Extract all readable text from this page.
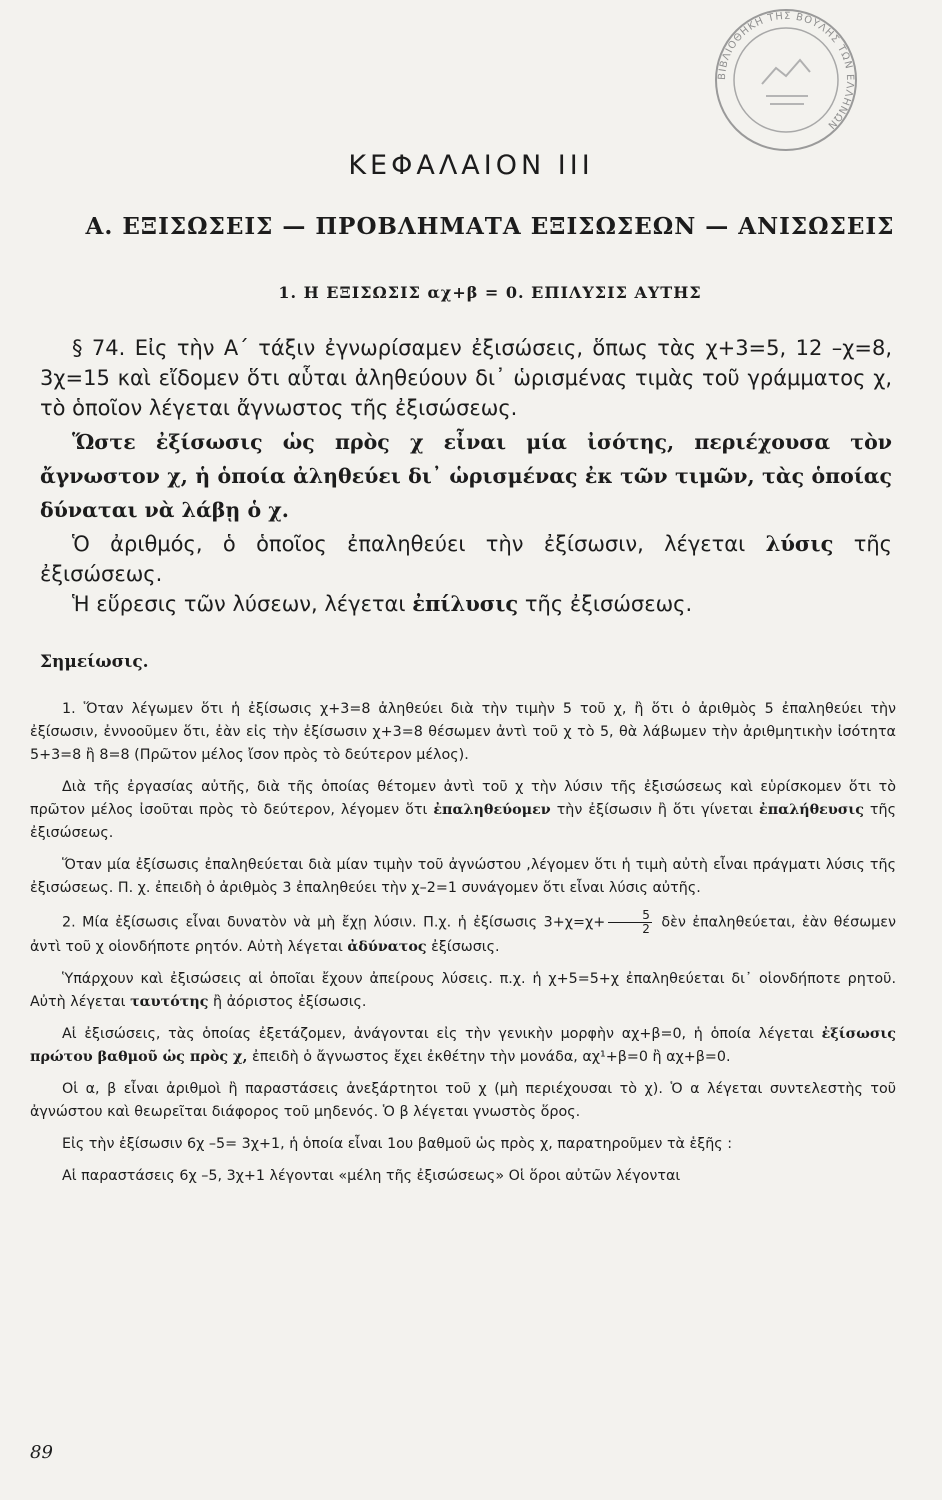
ΒΙΒΛΙΟΘΗΚΗ ΤΗΣ ΒΟΥΛΗΣ ΤΩΝ ΕΛΛΗΝΩΝ
ΚΕΦΑΛΑΙΟΝ III
Α. ΕΞΙΣΩΣΕΙΣ — ΠΡΟΒΛΗΜΑΤΑ ΕΞΙΣΩΣΕΩΝ — ΑΝΙΣΩΣΕΙΣ
1. Η ΕΞΙΣΩΣΙΣ αχ+β = 0. ΕΠΙΛΥΣΙΣ ΑΥΤΗΣ

§ 74. Εἰς τὴν Α΄ τάξιν ἐγνωρίσαμεν ἐξισώσεις, ὅπως τὰς χ+3=5, 12 –χ=8, 3χ=15 καὶ εἴδομεν ὅτι αὗται ἀληθεύουν δι᾽ ὡρισμένας τιμὰς τοῦ γράμματος χ, τὸ ὁποῖον λέγεται ἄγνωστος τῆς ἐξισώσεως.

Ὥστε ἐξίσωσις ὡς πρὸς χ εἶναι μία ἰσότης, περιέχουσα τὸν ἄγνωστον χ, ἡ ὁποία ἀληθεύει δι᾽ ὡρισμένας ἐκ τῶν τιμῶν, τὰς ὁποίας δύναται νὰ λάβῃ ὁ χ.

Ὁ ἀριθμός, ὁ ὁποῖος ἐπαληθεύει τὴν ἐξίσωσιν, λέγεται λύσις τῆς ἐξισώσεως.

Ἡ εὕρεσις τῶν λύσεων, λέγεται ἐπίλυσις τῆς ἐξισώσεως.

Σημείωσις.

1. Ὅταν λέγωμεν ὅτι ἡ ἐξίσωσις χ+3=8 ἀληθεύει διὰ τὴν τιμὴν 5 τοῦ χ, ἢ ὅτι ὁ ἀριθμὸς 5 ἐπαληθεύει τὴν ἐξίσωσιν, ἐννοοῦμεν ὅτι, ἐὰν εἰς τὴν ἐξίσωσιν χ+3=8 θέσωμεν ἀντὶ τοῦ χ τὸ 5, θὰ λάβωμεν τὴν ἀριθμητικὴν ἰσότητα 5+3=8 ἢ 8=8 (Πρῶτον μέλος ἴσον πρὸς τὸ δεύτερον μέλος).

Διὰ τῆς ἐργασίας αὐτῆς, διὰ τῆς ὁποίας θέτομεν ἀντὶ τοῦ χ τὴν λύσιν τῆς ἐξισώσεως καὶ εὑρίσκομεν ὅτι τὸ πρῶτον μέλος ἰσοῦται πρὸς τὸ δεύτερον, λέγομεν ὅτι ἐπαληθεύομεν τὴν ἐξίσωσιν ἢ ὅτι γίνεται ἐπαλήθευσις τῆς ἐξισώσεως.

Ὅταν μία ἐξίσωσις ἐπαληθεύεται διὰ μίαν τιμὴν τοῦ ἀγνώστου ,λέγομεν ὅτι ἡ τιμὴ αὐτὴ εἶναι πράγματι λύσις τῆς ἐξισώσεως. Π. χ. ἐπειδὴ ὁ ἀριθμὸς 3 ἐπαληθεύει τὴν χ–2=1 συνάγομεν ὅτι εἶναι λύσις αὐτῆς.

2. Μία ἐξίσωσις εἶναι δυνατὸν νὰ μὴ ἔχῃ λύσιν. Π.χ. ἡ ἐξίσωσις $3+\chi=\chi+ \frac{5}{2}$ δὲν ἐπαληθεύεται, ἐὰν θέσωμεν ἀντὶ τοῦ χ οἱονδήποτε ρητόν. Αὐτὴ λέγεται ἀδύνατος ἐξίσωσις.

Ὑπάρχουν καὶ ἐξισώσεις αἱ ὁποῖαι ἔχουν ἀπείρους λύσεις. π.χ. ἡ χ+5=5+χ ἐπαληθεύεται δι᾽ οἱονδήποτε ρητοῦ. Αὐτὴ λέγεται ταυτότης ἢ ἀόριστος ἐξίσωσις.

Αἱ ἐξισώσεις, τὰς ὁποίας ἐξετάζομεν, ἀνάγονται εἰς τὴν γενικὴν μορφὴν αχ+β=0, ἡ ὁποία λέγεται ἐξίσωσις πρώτου βαθμοῦ ὡς πρὸς χ, ἐπειδὴ ὁ ἄγνωστος ἔχει ἐκθέτην τὴν μονάδα, αχ¹+β=0 ἢ αχ+β=0.

Οἱ α, β εἶναι ἀριθμοὶ ἢ παραστάσεις ἀνεξάρτητοι τοῦ χ (μὴ περιέχουσαι τὸ χ). Ὁ α λέγεται συντελεστὴς τοῦ ἀγνώστου καὶ θεωρεῖται διάφορος τοῦ μηδενός. Ὁ β λέγεται γνωστὸς ὅρος.

Εἰς τὴν ἐξίσωσιν 6χ –5= 3χ+1, ἡ ὁποία εἶναι 1ου βαθμοῦ ὡς πρὸς χ, παρατηροῦμεν τὰ ἑξῆς :

Αἱ παραστάσεις 6χ –5, 3χ+1 λέγονται «μέλη τῆς ἐξισώσεως» Οἱ ὅροι αὐτῶν λέγονται

89
